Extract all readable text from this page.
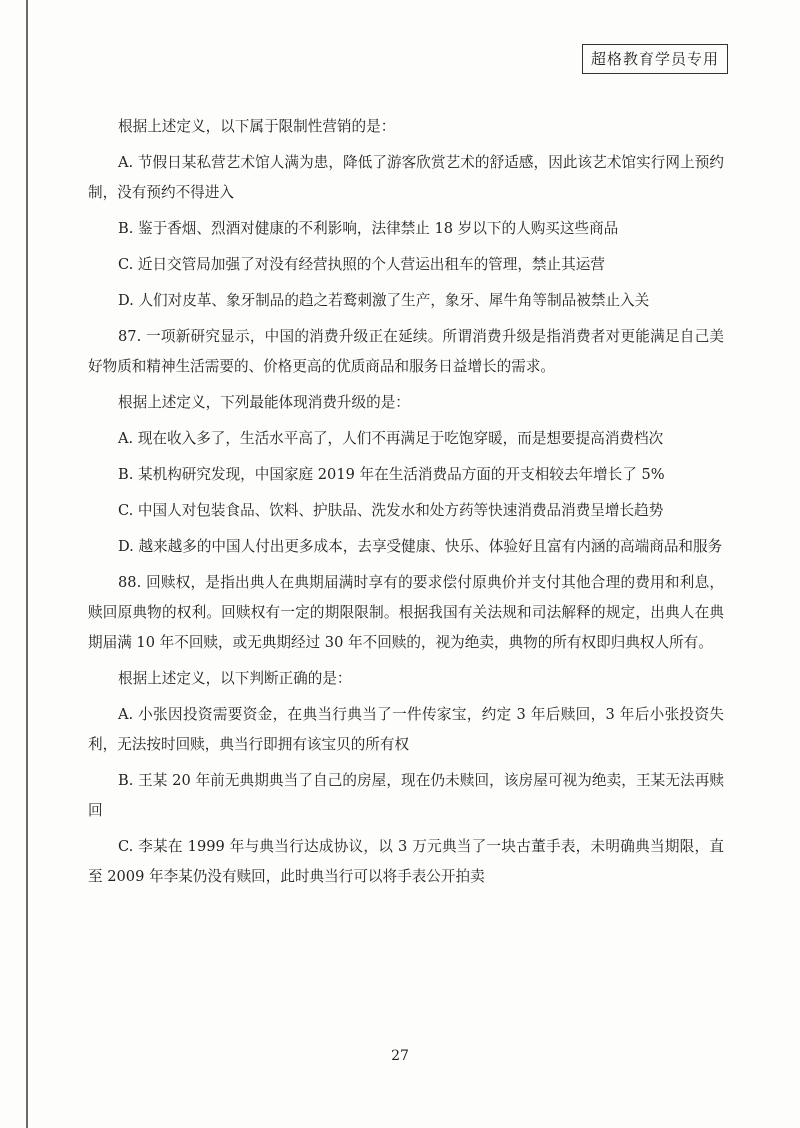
超格教育学员专用

根据上述定义，以下属于限制性营销的是：

A. 节假日某私营艺术馆人满为患，降低了游客欣赏艺术的舒适感，因此该艺术馆实行网上预约制，没有预约不得进入

B. 鉴于香烟、烈酒对健康的不利影响，法律禁止 18 岁以下的人购买这些商品

C. 近日交管局加强了对没有经营执照的个人营运出租车的管理，禁止其运营

D. 人们对皮革、象牙制品的趋之若鹜刺激了生产，象牙、犀牛角等制品被禁止入关

87. 一项新研究显示，中国的消费升级正在延续。所谓消费升级是指消费者对更能满足自己美好物质和精神生活需要的、价格更高的优质商品和服务日益增长的需求。

根据上述定义，下列最能体现消费升级的是：

A. 现在收入多了，生活水平高了，人们不再满足于吃饱穿暖，而是想要提高消费档次

B. 某机构研究发现，中国家庭 2019 年在生活消费品方面的开支相较去年增长了 5%

C. 中国人对包装食品、饮料、护肤品、洗发水和处方药等快速消费品消费呈增长趋势

D. 越来越多的中国人付出更多成本，去享受健康、快乐、体验好且富有内涵的高端商品和服务

88. 回赎权，是指出典人在典期届满时享有的要求偿付原典价并支付其他合理的费用和利息，赎回原典物的权利。回赎权有一定的期限限制。根据我国有关法规和司法解释的规定，出典人在典期届满 10 年不回赎，或无典期经过 30 年不回赎的，视为绝卖，典物的所有权即归典权人所有。

根据上述定义，以下判断正确的是：

A. 小张因投资需要资金，在典当行典当了一件传家宝，约定 3 年后赎回，3 年后小张投资失利，无法按时回赎，典当行即拥有该宝贝的所有权

B. 王某 20 年前无典期典当了自己的房屋，现在仍未赎回，该房屋可视为绝卖，王某无法再赎回

C. 李某在 1999 年与典当行达成协议，以 3 万元典当了一块古董手表，未明确典当期限，直至 2009 年李某仍没有赎回，此时典当行可以将手表公开拍卖

27
